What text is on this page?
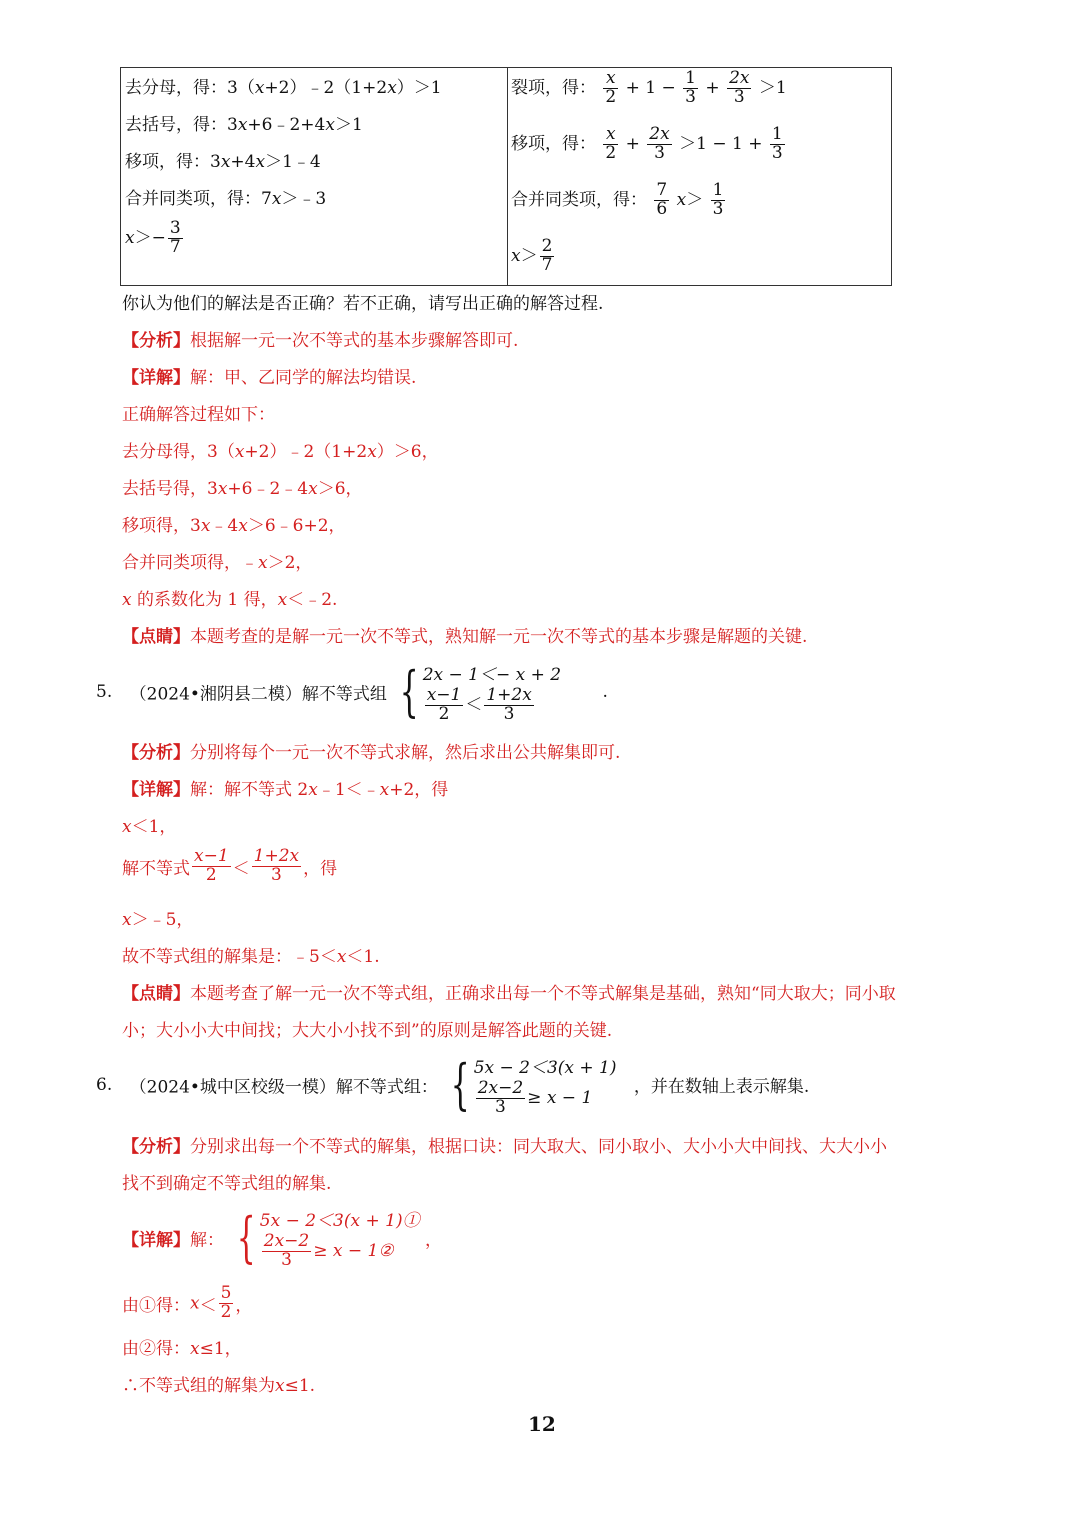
去分母，得：3（x+2）﹣2（1+2x）＞1
去括号，得：3x+6﹣2+4x＞1
移项，得：3x+4x＞1﹣4
合并同类项，得：7x＞﹣3
$x>- \frac{3}{7}$
裂项，得： $\frac{x}{2} + 1 - \frac{1}{3} + \frac{2x}{3} >1$
移项，得： $\frac{x}{2} + \frac{2x}{3} >1 - 1 + \frac{1}{3}$
合并同类项，得： $\frac{7}{6} x> \frac{1}{3}$
$x> \frac{2}{7}$
你认为他们的解法是否正确？若不正确，请写出正确的解答过程.
【分析】根据解一元一次不等式的基本步骤解答即可.
【详解】解：甲、乙同学的解法均错误.
正确解答过程如下：
去分母得，3（x+2）﹣2（1+2x）＞6，
去括号得，3x+6﹣2﹣4x＞6，
移项得，3x﹣4x＞6﹣6+2，
合并同类项得，﹣x＞2，
x 的系数化为 1 得，x＜﹣2.
【点睛】本题考查的是解一元一次不等式，熟知解一元一次不等式的基本步骤是解题的关键.
5. （2024•湘阴县二模）解不等式组 { 2x − 1＜− x + 2
$\frac{x-1}{2} < \frac{1+2x}{3}$	.
【分析】分别将每个一元一次不等式求解，然后求出公共解集即可.
【详解】解：解不等式 2x﹣1＜﹣x+2，得
x＜1，
解不等式 $\frac{x-1}{2} < \frac{1+2x}{3}$ ，得
x＞﹣5，
故不等式组的解集是：﹣5＜x＜1.
【点睛】本题考查了解一元一次不等式组，正确求出每一个不等式解集是基础，熟知“同大取大；同小取
小；大小小大中间找；大大小小找不到”的原则是解答此题的关键.
6. （2024•城中区校级一模）解不等式组： { 5x − 2＜3(x + 1)
$\frac{2x-2}{3} \ge x - 1$
，并在数轴上表示解集.
【分析】分别求出每一个不等式的解集，根据口诀：同大取大、同小取小、大小小大中间找、大大小小
找不到确定不等式组的解集.
【详解】解： { 5x − 2＜3(x + 1)①
$\frac{2x-2}{3} \ge x$ − 1②
，
由①得：$x< \frac{5}{2}$ ，
由②得：x≤1，
∴不等式组的解集为x≤1.
12
